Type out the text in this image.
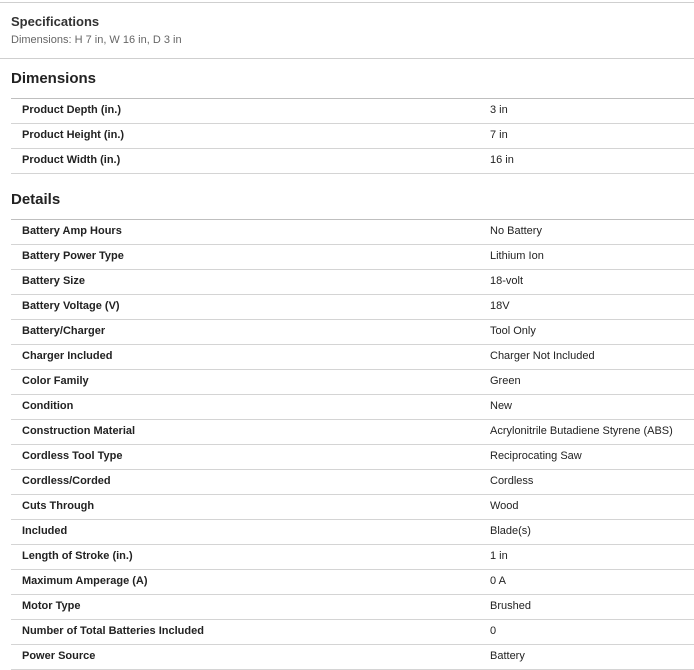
Specifications
Dimensions: H 7 in, W 16 in, D 3 in
Dimensions
Product Depth (in.)	3 in
Product Height (in.)	7 in
Product Width (in.)	16 in
Details
Battery Amp Hours	No Battery
Battery Power Type	Lithium Ion
Battery Size	18-volt
Battery Voltage (V)	18V
Battery/Charger	Tool Only
Charger Included	Charger Not Included
Color Family	Green
Condition	New
Construction Material	Acrylonitrile Butadiene Styrene (ABS)
Cordless Tool Type	Reciprocating Saw
Cordless/Corded	Cordless
Cuts Through	Wood
Included	Blade(s)
Length of Stroke (in.)	1 in
Maximum Amperage (A)	0 A
Motor Type	Brushed
Number of Total Batteries Included	0
Power Source	Battery
